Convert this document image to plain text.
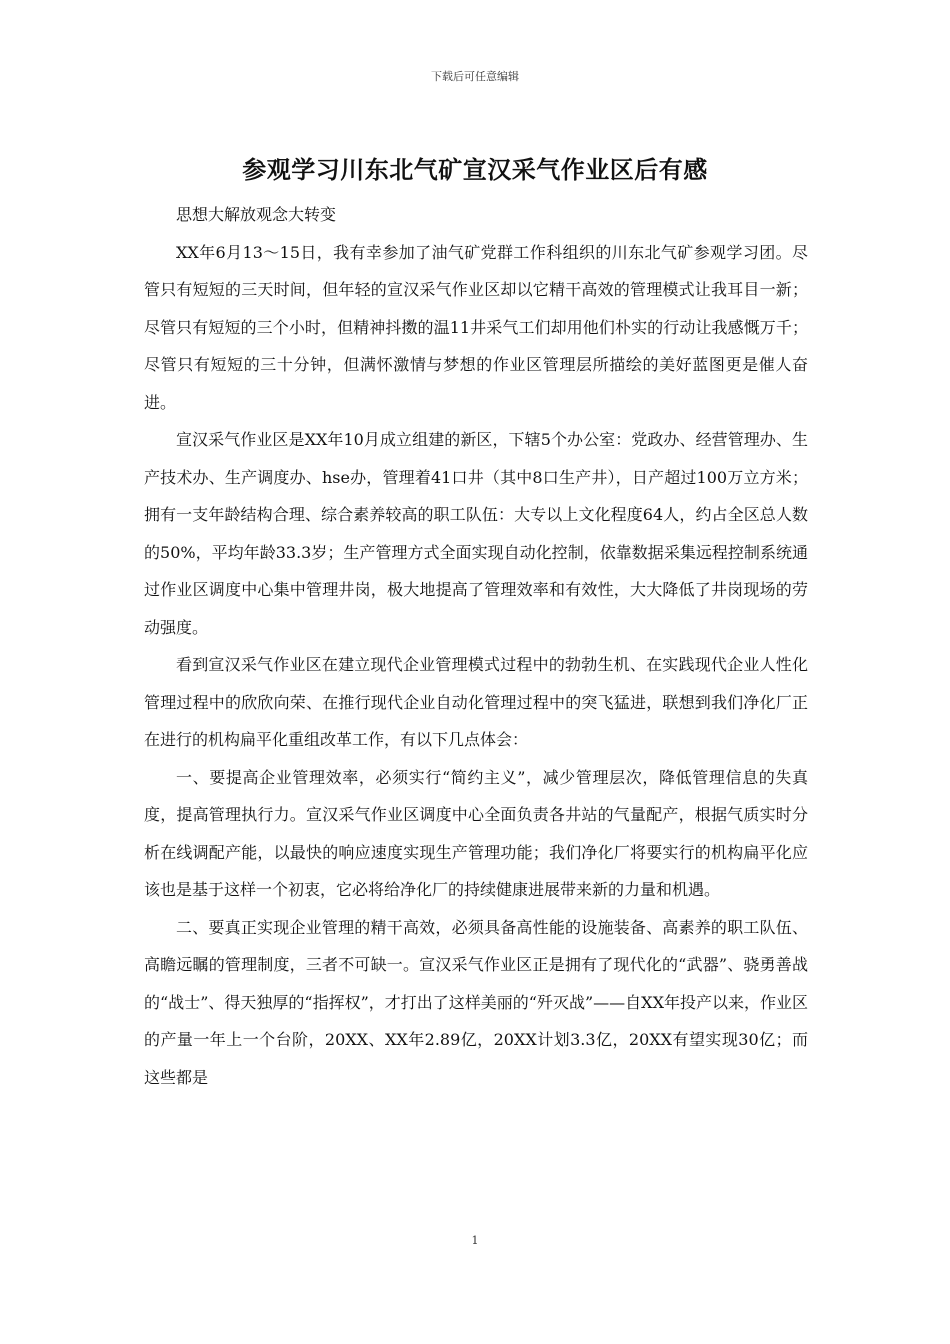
下载后可任意编辑
参观学习川东北气矿宣汉采气作业区后有感

思想大解放观念大转变

XX年6月13～15日，我有幸参加了油气矿党群工作科组织的川东北气矿参观学习团。尽管只有短短的三天时间，但年轻的宣汉采气作业区却以它精干高效的管理模式让我耳目一新；尽管只有短短的三个小时，但精神抖擞的温11井采气工们却用他们朴实的行动让我感慨万千；尽管只有短短的三十分钟，但满怀激情与梦想的作业区管理层所描绘的美好蓝图更是催人奋进。

宣汉采气作业区是XX年10月成立组建的新区，下辖5个办公室：党政办、经营管理办、生产技术办、生产调度办、hse办，管理着41口井（其中8口生产井），日产超过100万立方米；拥有一支年龄结构合理、综合素养较高的职工队伍：大专以上文化程度64人，约占全区总人数的50%，平均年龄33.3岁；生产管理方式全面实现自动化控制，依靠数据采集远程控制系统通过作业区调度中心集中管理井岗，极大地提高了管理效率和有效性，大大降低了井岗现场的劳动强度。

看到宣汉采气作业区在建立现代企业管理模式过程中的勃勃生机、在实践现代企业人性化管理过程中的欣欣向荣、在推行现代企业自动化管理过程中的突飞猛进，联想到我们净化厂正在进行的机构扁平化重组改革工作，有以下几点体会：

一、要提高企业管理效率，必须实行“简约主义”，减少管理层次，降低管理信息的失真度，提高管理执行力。宣汉采气作业区调度中心全面负责各井站的气量配产，根据气质实时分析在线调配产能，以最快的响应速度实现生产管理功能；我们净化厂将要实行的机构扁平化应该也是基于这样一个初衷，它必将给净化厂的持续健康进展带来新的力量和机遇。

二、要真正实现企业管理的精干高效，必须具备高性能的设施装备、高素养的职工队伍、高瞻远瞩的管理制度，三者不可缺一。宣汉采气作业区正是拥有了现代化的“武器”、骁勇善战的“战士”、得天独厚的“指挥权”，才打出了这样美丽的“歼灭战”——自XX年投产以来，作业区的产量一年上一个台阶，20XX、XX年2.89亿，20XX计划3.3亿，20XX有望实现30亿；而这些都是

1
